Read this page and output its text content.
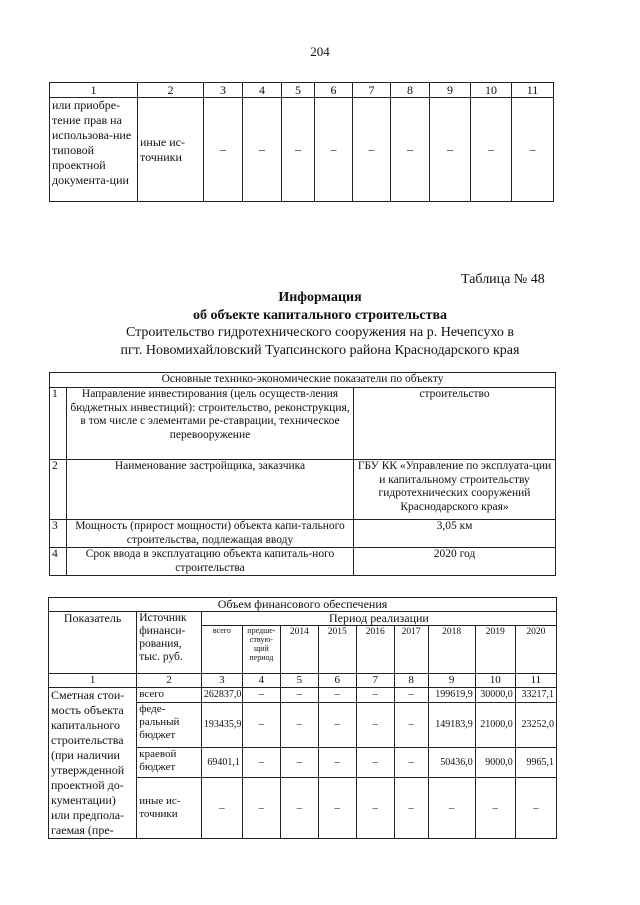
204
1	2	3	4	5	6	7	8	9	10	11
или приобре-тение прав на использова-ние типовой проектной документа-ции	иные ис-точники	–	–	–	–	–	–	–	–	–
Таблица № 48
Информация
об объекте капитального строительства
Строительство гидротехнического сооружения на р. Нечепсухо в
пгт. Новомихайловский Туапсинского района Краснодарского края
Основные технико-экономические показатели по объекту		
1	Направление инвестирования (цель осуществ-ления бюджетных инвестиций): строительство, реконструкция, в том числе с элементами ре-ставрации, техническое перевооружение	строительство
2	Наименование застройщика, заказчика	ГБУ КК «Управление по эксплуата-ции и капитальному строительству гидротехнических сооружений Краснодарского края»
3	Мощность (прирост мощности) объекта капи-тального строительства, подлежащая вводу	3,05 км
4	Срок ввода в эксплуатацию объекта капиталь-ного строительства	2020 год
Объем финансового обеспечения										
Показатель	Источник финанси-рования, тыс. руб.	Период реализации								
		всего	предше-ствую-щий период	2014	2015	2016	2017	2018	2019	2020
1	2	3	4	5	6	7	8	9	10	11
Сметная стои-мость объекта капитального строительства (при наличии утвержденной проектной до-кументации) или предполa-гаемая (пре-	всего	262837,0	–	–	–	–	–	199619,9	30000,0	33217,1
	феде-ральный бюджет	193435,9	–	–	–	–	–	149183,9	21000,0	23252,0
	краевой бюджет	69401,1	–	–	–	–	–	50436,0	9000,0	9965,1
	иные ис-точники	–	–	–	–	–	–	–	–	–
